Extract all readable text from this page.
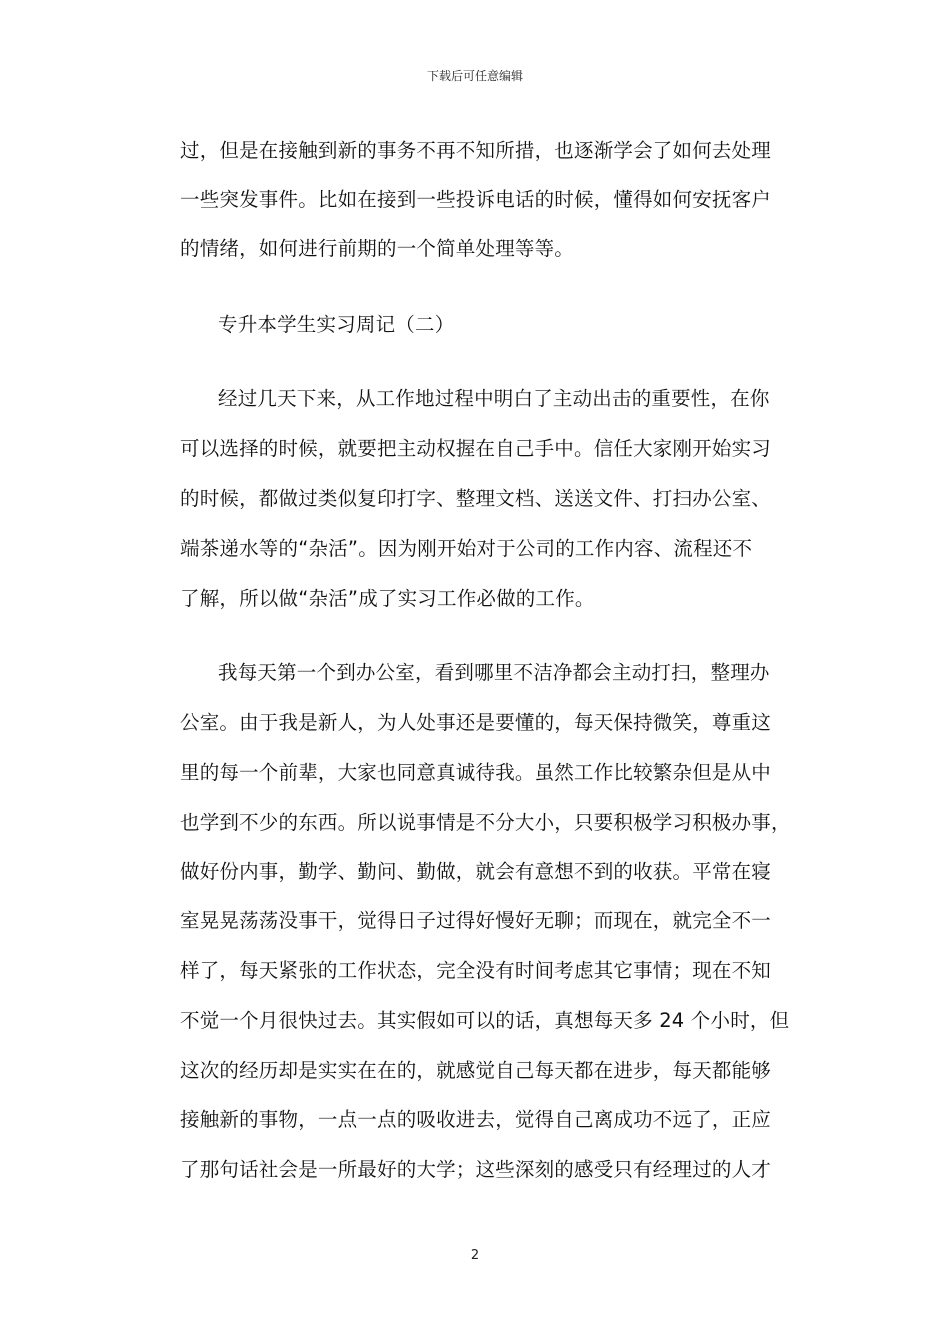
下载后可任意编辑
过，但是在接触到新的事务不再不知所措，也逐渐学会了如何去处理
一些突发事件。比如在接到一些投诉电话的时候，懂得如何安抚客户
的情绪，如何进行前期的一个简单处理等等。
专升本学生实习周记（二）
经过几天下来，从工作地过程中明白了主动出击的重要性，在你
可以选择的时候，就要把主动权握在自己手中。信任大家刚开始实习
的时候，都做过类似复印打字、整理文档、送送文件、打扫办公室、
端茶递水等的“杂活”。因为刚开始对于公司的工作内容、流程还不
了解，所以做“杂活”成了实习工作必做的工作。
我每天第一个到办公室，看到哪里不洁净都会主动打扫，整理办
公室。由于我是新人，为人处事还是要懂的，每天保持微笑，尊重这
里的每一个前辈，大家也同意真诚待我。虽然工作比较繁杂但是从中
也学到不少的东西。所以说事情是不分大小，只要积极学习积极办事，
做好份内事，勤学、勤问、勤做，就会有意想不到的收获。平常在寝
室晃晃荡荡没事干，觉得日子过得好慢好无聊；而现在，就完全不一
样了，每天紧张的工作状态，完全没有时间考虑其它事情；现在不知
不觉一个月很快过去。其实假如可以的话，真想每天多 24 个小时，但
这次的经历却是实实在在的，就感觉自己每天都在进步，每天都能够
接触新的事物，一点一点的吸收进去，觉得自己离成功不远了，正应
了那句话社会是一所最好的大学；这些深刻的感受只有经理过的人才
2
